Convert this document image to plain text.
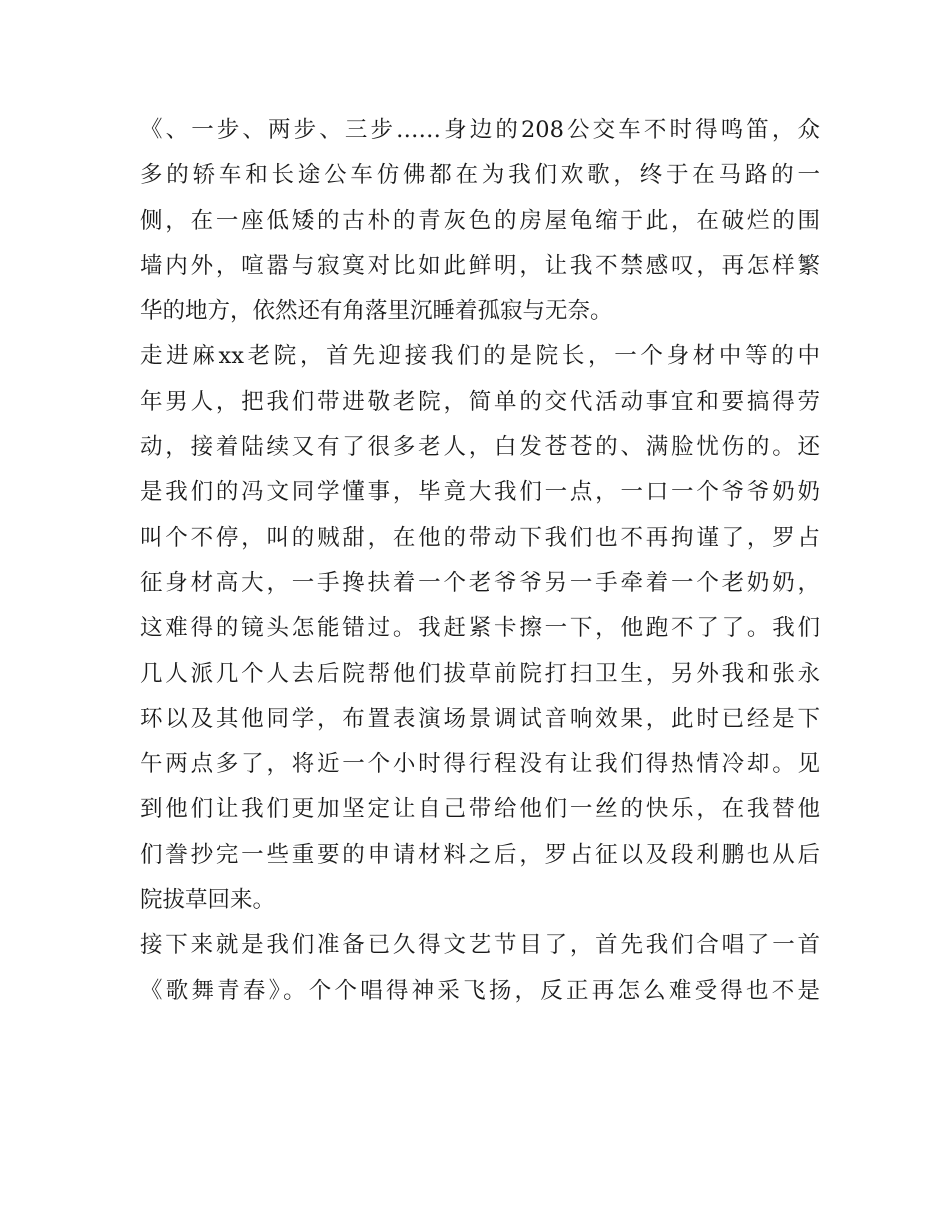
《、一步、两步、三步……身边的208公交车不时得鸣笛，众
多的轿车和长途公车仿佛都在为我们欢歌，终于在马路的一
侧，在一座低矮的古朴的青灰色的房屋龟缩于此，在破烂的围
墙内外，喧嚣与寂寞对比如此鲜明，让我不禁感叹，再怎样繁
华的地方，依然还有角落里沉睡着孤寂与无奈。
走进麻xx老院，首先迎接我们的是院长，一个身材中等的中
年男人，把我们带进敬老院，简单的交代活动事宜和要搞得劳
动，接着陆续又有了很多老人，白发苍苍的、满脸忧伤的。还
是我们的冯文同学懂事，毕竟大我们一点，一口一个爷爷奶奶
叫个不停，叫的贼甜，在他的带动下我们也不再拘谨了，罗占
征身材高大，一手搀扶着一个老爷爷另一手牵着一个老奶奶，
这难得的镜头怎能错过。我赶紧卡擦一下，他跑不了了。我们
几人派几个人去后院帮他们拔草前院打扫卫生，另外我和张永
环以及其他同学，布置表演场景调试音响效果，此时已经是下
午两点多了，将近一个小时得行程没有让我们得热情冷却。见
到他们让我们更加坚定让自己带给他们一丝的快乐，在我替他
们誊抄完一些重要的申请材料之后，罗占征以及段利鹏也从后
院拔草回来。
接下来就是我们准备已久得文艺节目了，首先我们合唱了一首
《歌舞青春》。个个唱得神采飞扬，反正再怎么难受得也不是
